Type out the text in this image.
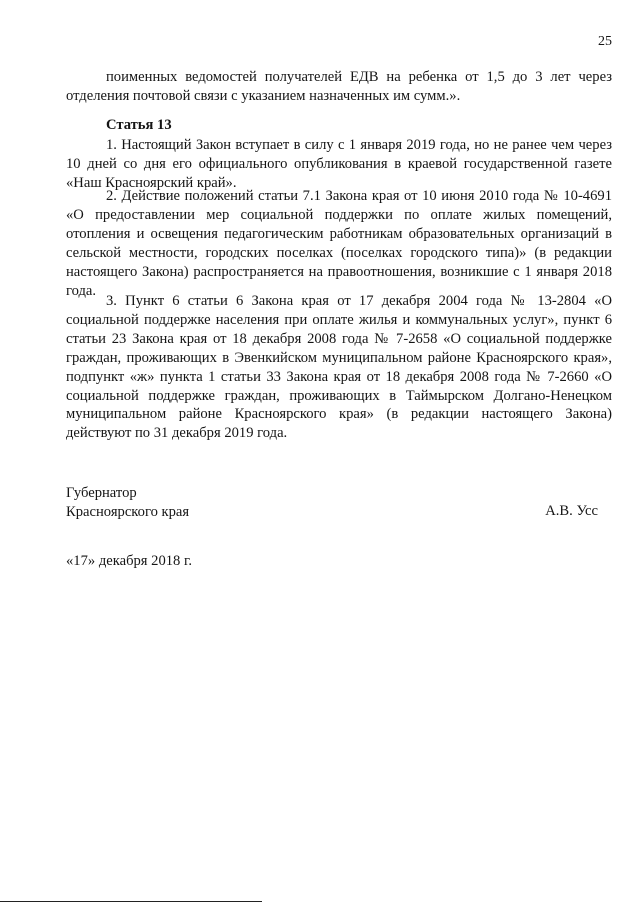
25

поименных ведомостей получателей ЕДВ на ребенка от 1,5 до 3 лет через отделения почтовой связи с указанием назначенных им сумм.».

Статья 13

1. Настоящий Закон вступает в силу с 1 января 2019 года, но не ранее чем через 10 дней со дня его официального опубликования в краевой государственной газете «Наш Красноярский край».

2. Действие положений статьи 7.1 Закона края от 10 июня 2010 года № 10-4691 «О предоставлении мер социальной поддержки по оплате жилых помещений, отопления и освещения педагогическим работникам образовательных организаций в сельской местности, городских поселках (поселках городского типа)» (в редакции настоящего Закона) распространяется на правоотношения, возникшие с 1 января 2018 года.

3. Пункт 6 статьи 6 Закона края от 17 декабря 2004 года № 13-2804 «О социальной поддержке населения при оплате жилья и коммунальных услуг», пункт 6 статьи 23 Закона края от 18 декабря 2008 года № 7-2658 «О социальной поддержке граждан, проживающих в Эвенкийском муниципальном районе Красноярского края», подпункт «ж» пункта 1 статьи 33 Закона края от 18 декабря 2008 года № 7-2660 «О социальной поддержке граждан, проживающих в Таймырском Долгано-Ненецком муниципальном районе Красноярского края» (в редакции настоящего Закона) действуют по 31 декабря 2019 года.

Губернатор
Красноярского края	А.В. Усс
«17» декабря 2018 г.
